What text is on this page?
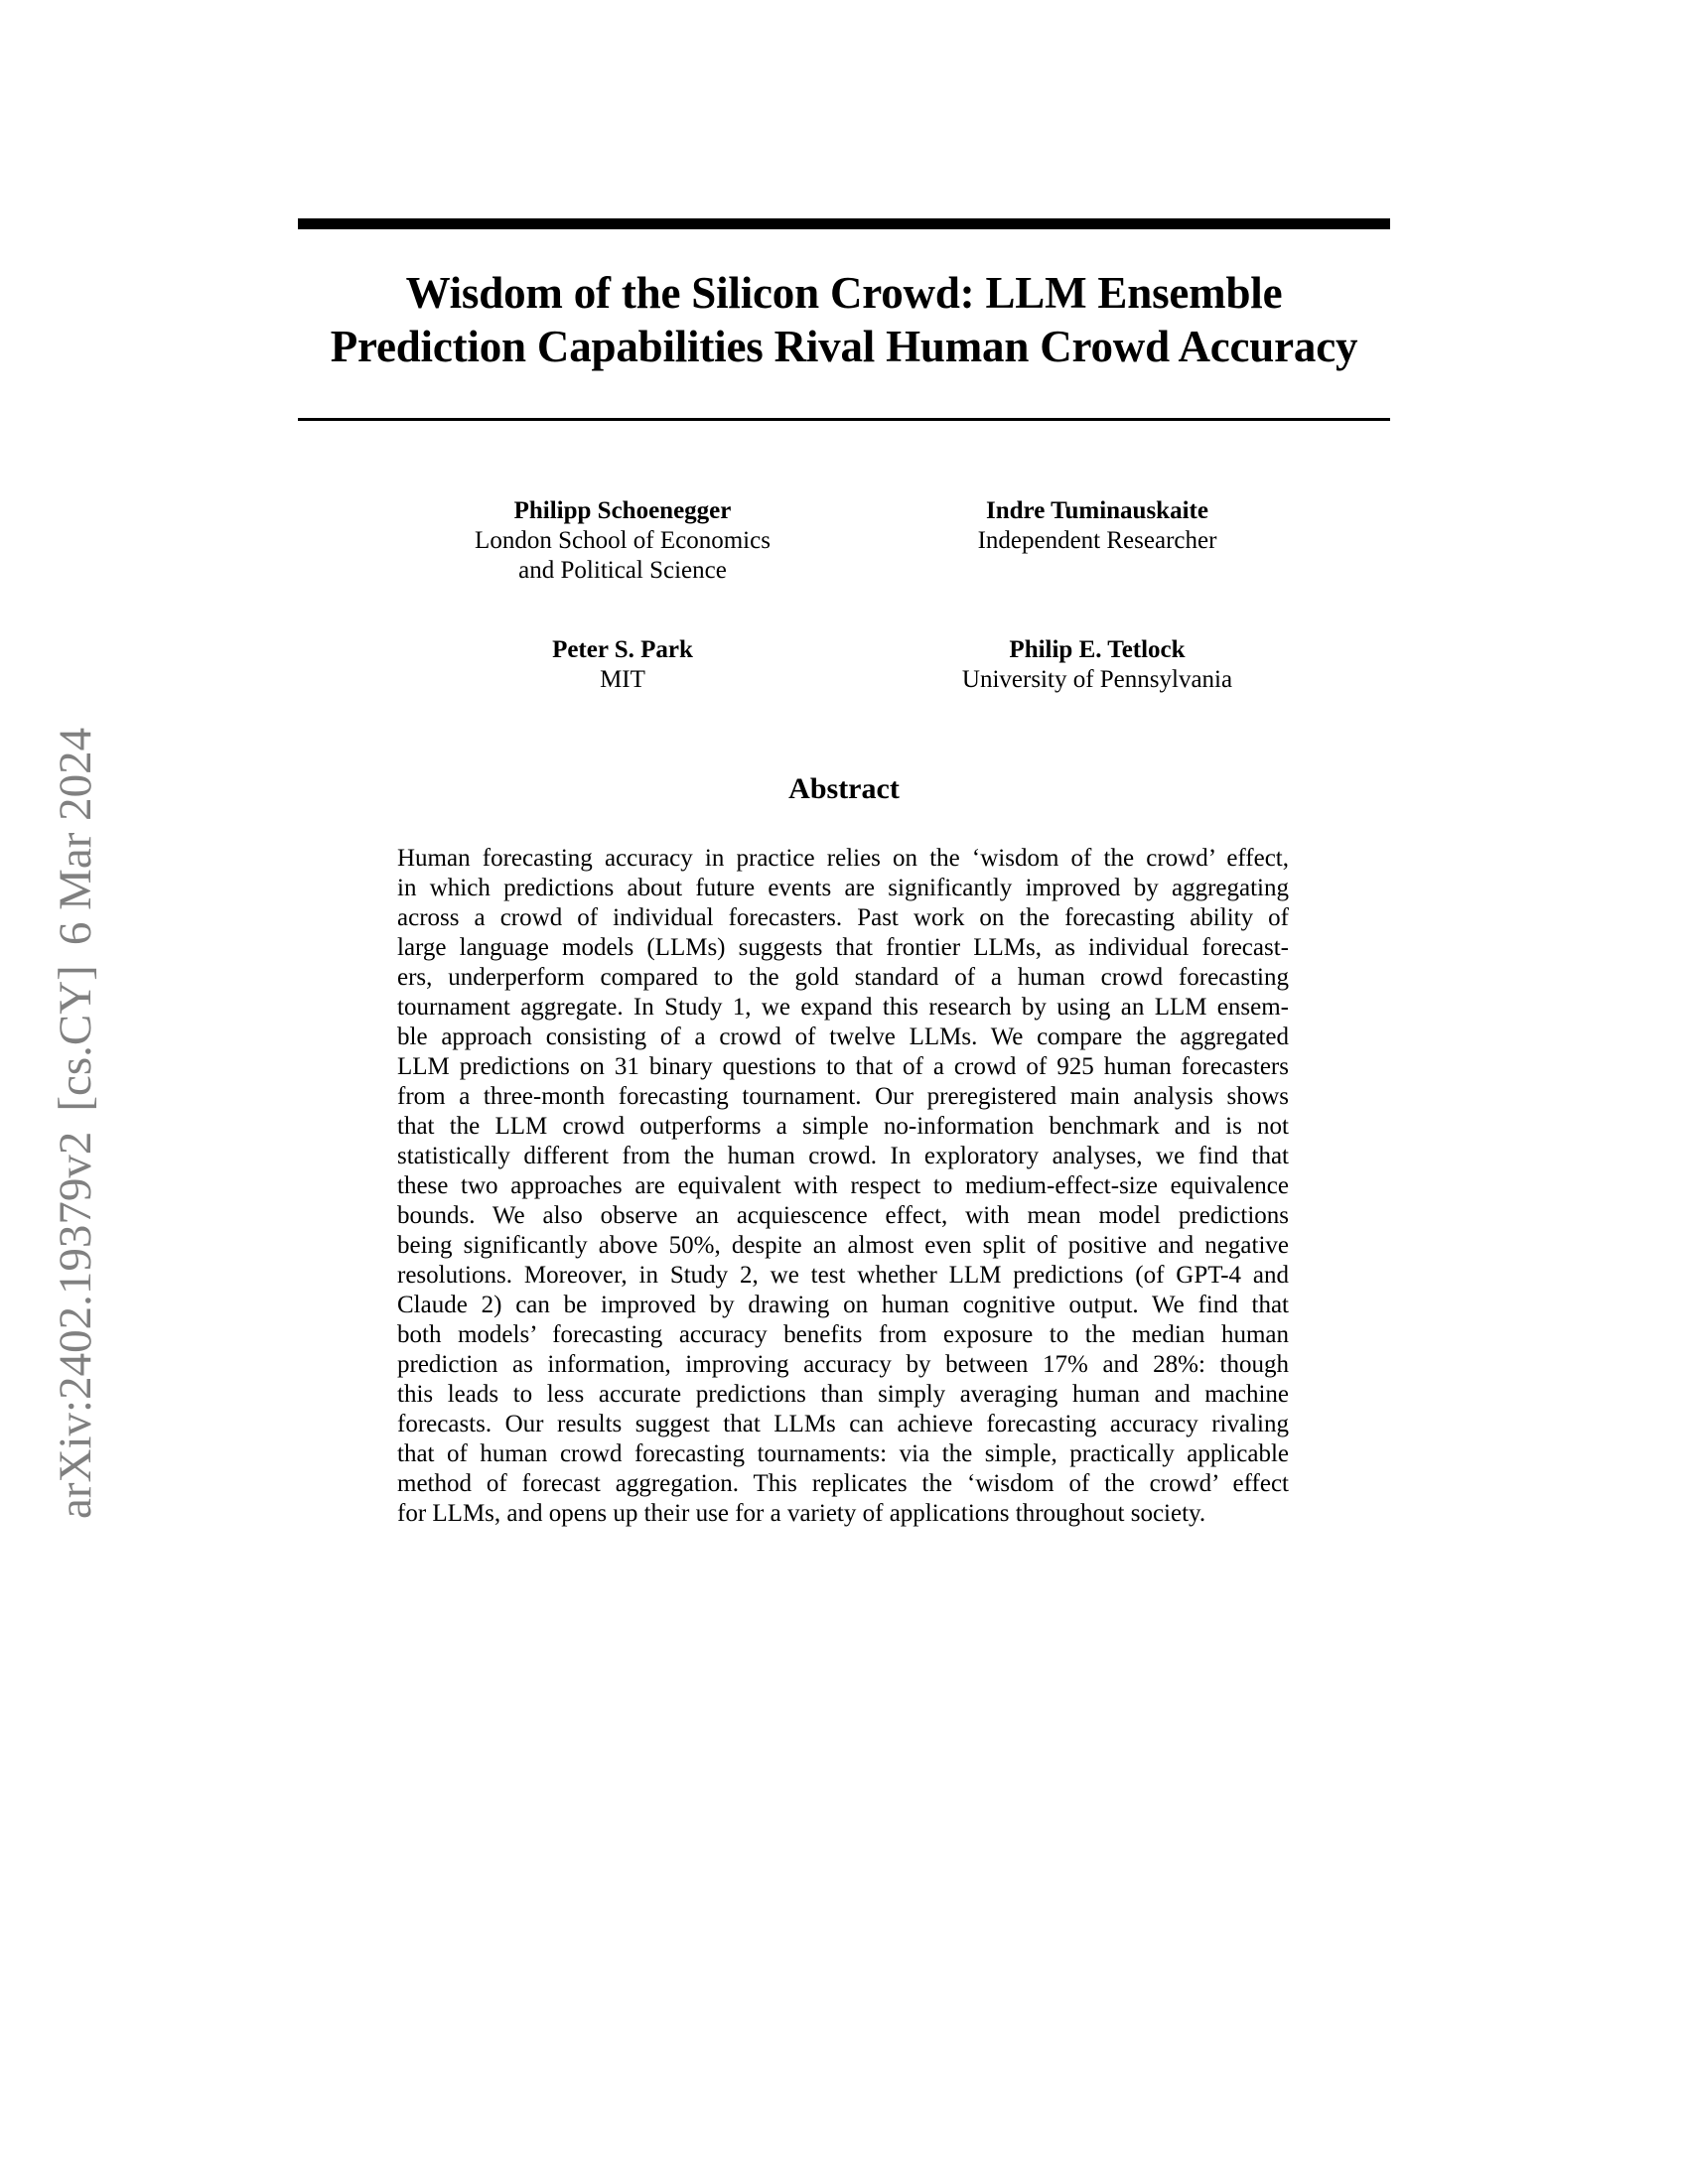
arXiv:2402.19379v2[cs.CY]6 Mar 2024
Wisdom of the Silicon Crowd: LLM Ensemble
Prediction Capabilities Rival Human Crowd Accuracy
Philipp Schoenegger
London School of Economics
and Political Science
Indre Tuminauskaite
Independent Researcher
Peter S. Park
MIT
Philip E. Tetlock
University of Pennsylvania
Abstract

Human forecasting accuracy in practice relies on the ‘wisdom of the crowd’ effect,
in which predictions about future events are significantly improved by aggregating
across a crowd of individual forecasters. Past work on the forecasting ability of
large language models (LLMs) suggests that frontier LLMs, as individual forecast-
ers, underperform compared to the gold standard of a human crowd forecasting
tournament aggregate. In Study 1, we expand this research by using an LLM ensem-
ble approach consisting of a crowd of twelve LLMs. We compare the aggregated
LLM predictions on 31 binary questions to that of a crowd of 925 human forecasters
from a three-month forecasting tournament. Our preregistered main analysis shows
that the LLM crowd outperforms a simple no-information benchmark and is not
statistically different from the human crowd. In exploratory analyses, we find that
these two approaches are equivalent with respect to medium-effect-size equivalence
bounds. We also observe an acquiescence effect, with mean model predictions
being significantly above 50%, despite an almost even split of positive and negative
resolutions. Moreover, in Study 2, we test whether LLM predictions (of GPT-4 and
Claude 2) can be improved by drawing on human cognitive output. We find that
both models’ forecasting accuracy benefits from exposure to the median human
prediction as information, improving accuracy by between 17% and 28%: though
this leads to less accurate predictions than simply averaging human and machine
forecasts. Our results suggest that LLMs can achieve forecasting accuracy rivaling
that of human crowd forecasting tournaments: via the simple, practically applicable
method of forecast aggregation. This replicates the ‘wisdom of the crowd’ effect
for LLMs, and opens up their use for a variety of applications throughout society.
